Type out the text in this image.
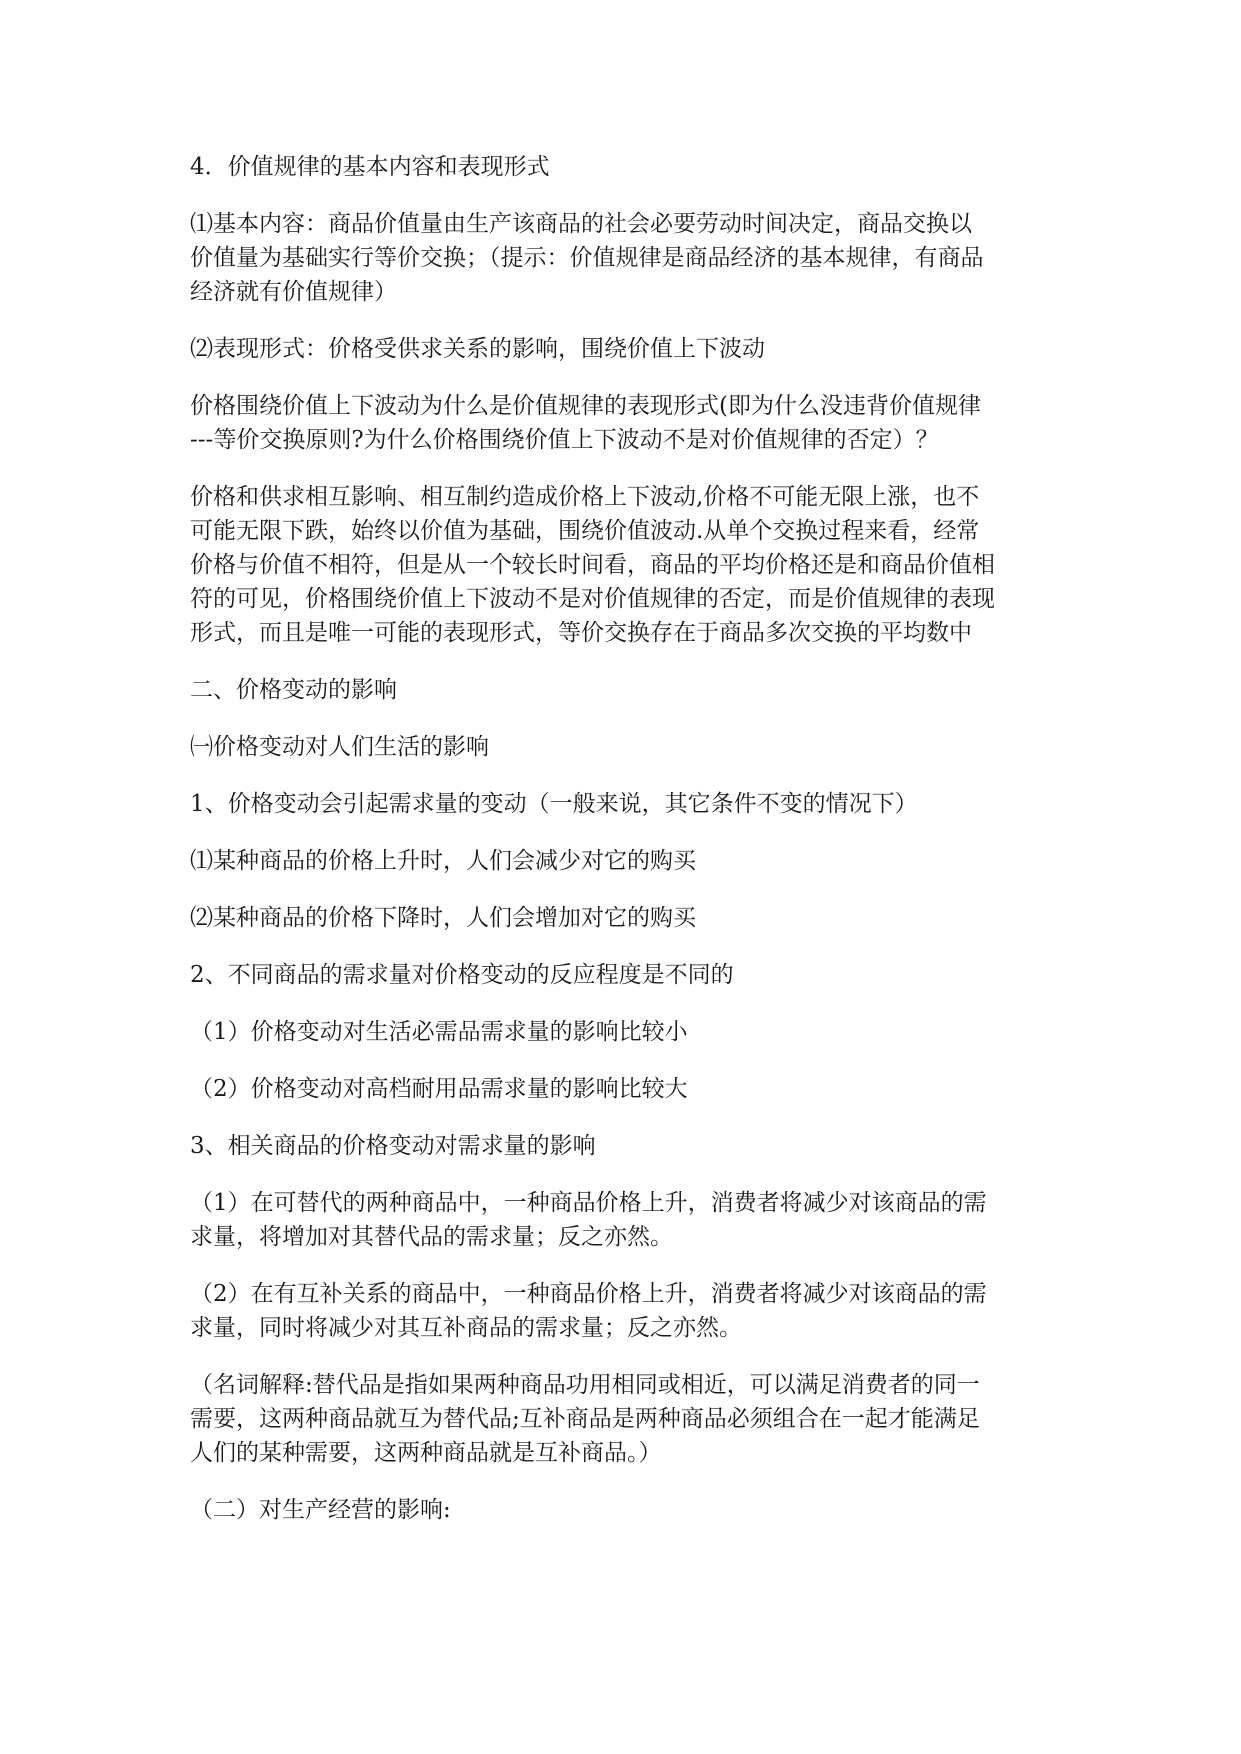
4．价值规律的基本内容和表现形式

⑴基本内容：商品价值量由生产该商品的社会必要劳动时间决定，商品交换以
价值量为基础实行等价交换；（提示：价值规律是商品经济的基本规律，有商品
经济就有价值规律）

⑵表现形式：价格受供求关系的影响，围绕价值上下波动

价格围绕价值上下波动为什么是价值规律的表现形式(即为什么没违背价值规律
---等价交换原则?为什么价格围绕价值上下波动不是对价值规律的否定）？

价格和供求相互影响、相互制约造成价格上下波动,价格不可能无限上涨，也不
可能无限下跌，始终以价值为基础，围绕价值波动.从单个交换过程来看，经常
价格与价值不相符，但是从一个较长时间看，商品的平均价格还是和商品价值相
符的可见，价格围绕价值上下波动不是对价值规律的否定，而是价值规律的表现
形式，而且是唯一可能的表现形式，等价交换存在于商品多次交换的平均数中

二、价格变动的影响

㈠价格变动对人们生活的影响

1、价格变动会引起需求量的变动（一般来说，其它条件不变的情况下）

⑴某种商品的价格上升时，人们会减少对它的购买

⑵某种商品的价格下降时，人们会增加对它的购买

2、不同商品的需求量对价格变动的反应程度是不同的

（1）价格变动对生活必需品需求量的影响比较小

（2）价格变动对高档耐用品需求量的影响比较大

3、相关商品的价格变动对需求量的影响

（1）在可替代的两种商品中，一种商品价格上升，消费者将减少对该商品的需
求量，将增加对其替代品的需求量；反之亦然。

（2）在有互补关系的商品中，一种商品价格上升，消费者将减少对该商品的需
求量，同时将减少对其互补商品的需求量；反之亦然。

（名词解释:替代品是指如果两种商品功用相同或相近，可以满足消费者的同一
需要，这两种商品就互为替代品;互补商品是两种商品必须组合在一起才能满足
人们的某种需要，这两种商品就是互补商品。）

（二）对生产经营的影响:
